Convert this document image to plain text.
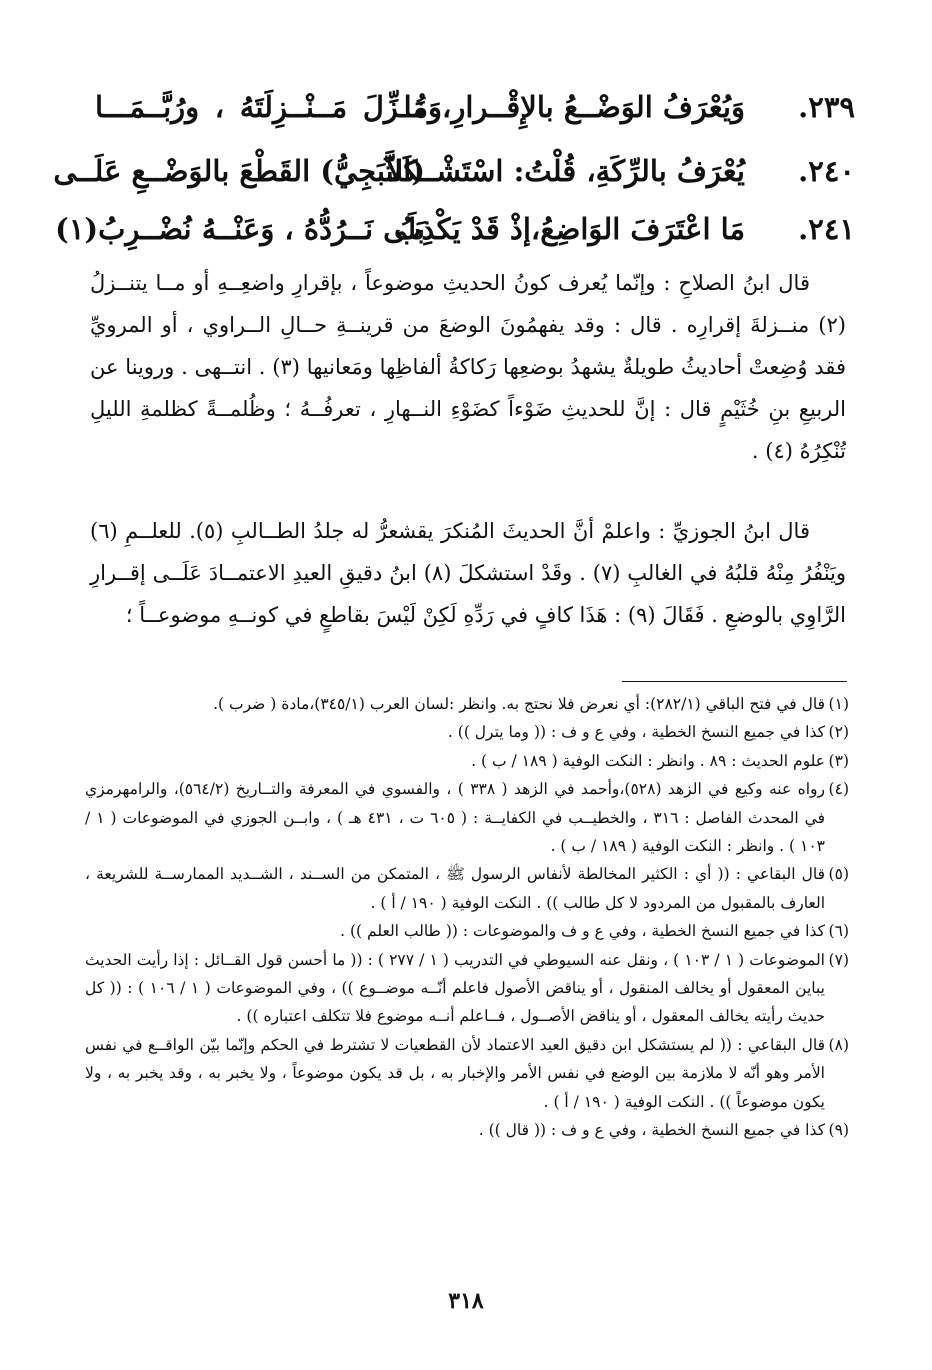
٢٣٩.
وَيُعْرَفُ الوَضْــعُ بالإِقْــرارِ،وَمَا
نُــزِّلَ مَــنْــزِلَتَهُ ، ورُبَّــمَـــا
٢٤٠.
يُعْرَفُ بالرِّكَةِ، قُلْتُ: اسْتَشْــكَلاَ
(الثَّبَجِيُّ) القَطْعَ بالوَضْــعِ عَلَــى
٢٤١.
مَا اعْتَرَفَ الوَاضِعُ،إذْ قَدْ يَكْذِبُ
بَلَى نَــرُدُّهُ ، وَعَنْــهُ نُضْــرِبُ(١)

قال ابنُ الصلاحِ : وإنّما يُعرف كونُ الحديثِ موضوعاً ، بإقرارِ واضعِــهِ أو مــا يتنــزلُ (٢) منــزلةَ إقرارِه . قال : وقد يفهمُونَ الوضعَ من قرينــةِ حــالِ الــراوي ، أو المرويِّ فقد وُضِعتْ أحاديثُ طويلةٌ يشهدُ بوضعِها رَكاكةُ ألفاظِها ومَعانيها (٣) . انتــهى . وروينا عن الربيعِ بنِ خُثَيْمٍ قال : إنَّ للحديثِ ضَوْءاً كضَوْءِ النــهارِ ، تعرفُــهُ ؛ وظُلمــةً كظلمةِ الليلِ تُنْكِرُهُ (٤) .

قال ابنُ الجوزيِّ : واعلمْ أنَّ الحديثَ المُنكرَ يقشعرُّ له جلدُ الطــالبِ (٥). للعلــمِ (٦) ويَنْفُرُ مِنْهُ قلبُهُ في الغالبِ (٧) . وقَدْ استشكلَ (٨) ابنُ دقيقِ العيدِ الاعتمــادَ عَلَــى إقــرارِ الرَّاوِي بالوضعِ . فَقَالَ (٩) : هَذَا كافٍ في رَدِّهِ لَكِنْ لَيْسَ بقاطعٍ في كونــهِ موضوعــاً ؛

(١)
قال في فتح الباقي (٢٨٢/١): أي نعرض فلا نحتج به. وانظر :لسان العرب (٣٤٥/١)،مادة ( ضرب ).
(٢)
كذا في جميع النسخ الخطية ، وفي ع و ف : (( وما يترل )) .
(٣)
علوم الحديث : ٨٩ . وانظر : النكت الوفية ( ١٨٩ / ب ) .
(٤)
رواه عنه وكيع في الزهد (٥٢٨)،وأحمد في الزهد ( ٣٣٨ ) ، والفسوي في المعرفة والتــاريخ (٥٦٤/٢)، والرامهرمزي في المحدث الفاصل : ٣١٦ ، والخطيــب في الكفايــة : ( ٦٠٥ ت ، ٤٣١ هـ ) ، وابــن الجوزي في الموضوعات ( ١ / ١٠٣ ) . وانظر : النكت الوفية ( ١٨٩ / ب ) .
(٥)
قال البقاعي : (( أي : الكثير المخالطة لأنفاس الرسول ﷺ ، المتمكن من الســند ، الشــديد الممارســة للشريعة ، العارف بالمقبول من المردود لا كل طالب )) . النكت الوفية ( ١٩٠ / أ ) .
(٦)
كذا في جميع النسخ الخطية ، وفي ع و ف والموضوعات : (( طالب العلم )) .
(٧)
الموضوعات ( ١ / ١٠٣ ) ، ونقل عنه السيوطي في التدريب ( ١ / ٢٧٧ ) : (( ما أحسن قول القــائل : إذا رأيت الحديث يباين المعقول أو يخالف المنقول ، أو يناقض الأصول فاعلم أنّــه موضــوع )) ، وفي الموضوعات ( ١ / ١٠٦ ) : (( كل حديث رأيته يخالف المعقول ، أو يناقض الأصــول ، فــاعلم أنــه موضوع فلا تتكلف اعتباره )) .
(٨)
قال البقاعي : (( لم يستشكل ابن دقيق العيد الاعتماد لأن القطعيات لا تشترط في الحكم وإنّما بيّن الواقــع في نفس الأمر وهو أنّه لا ملازمة بين الوضع في نفس الأمر والإخبار به ، بل قد يكون موضوعاً ، ولا يخبر به ، وقد يخبر به ، ولا يكون موضوعاً )) . النكت الوفية ( ١٩٠ / أ ) .
(٩)
كذا في جميع النسخ الخطية ، وفي ع و ف : (( قال )) .
٣١٨
